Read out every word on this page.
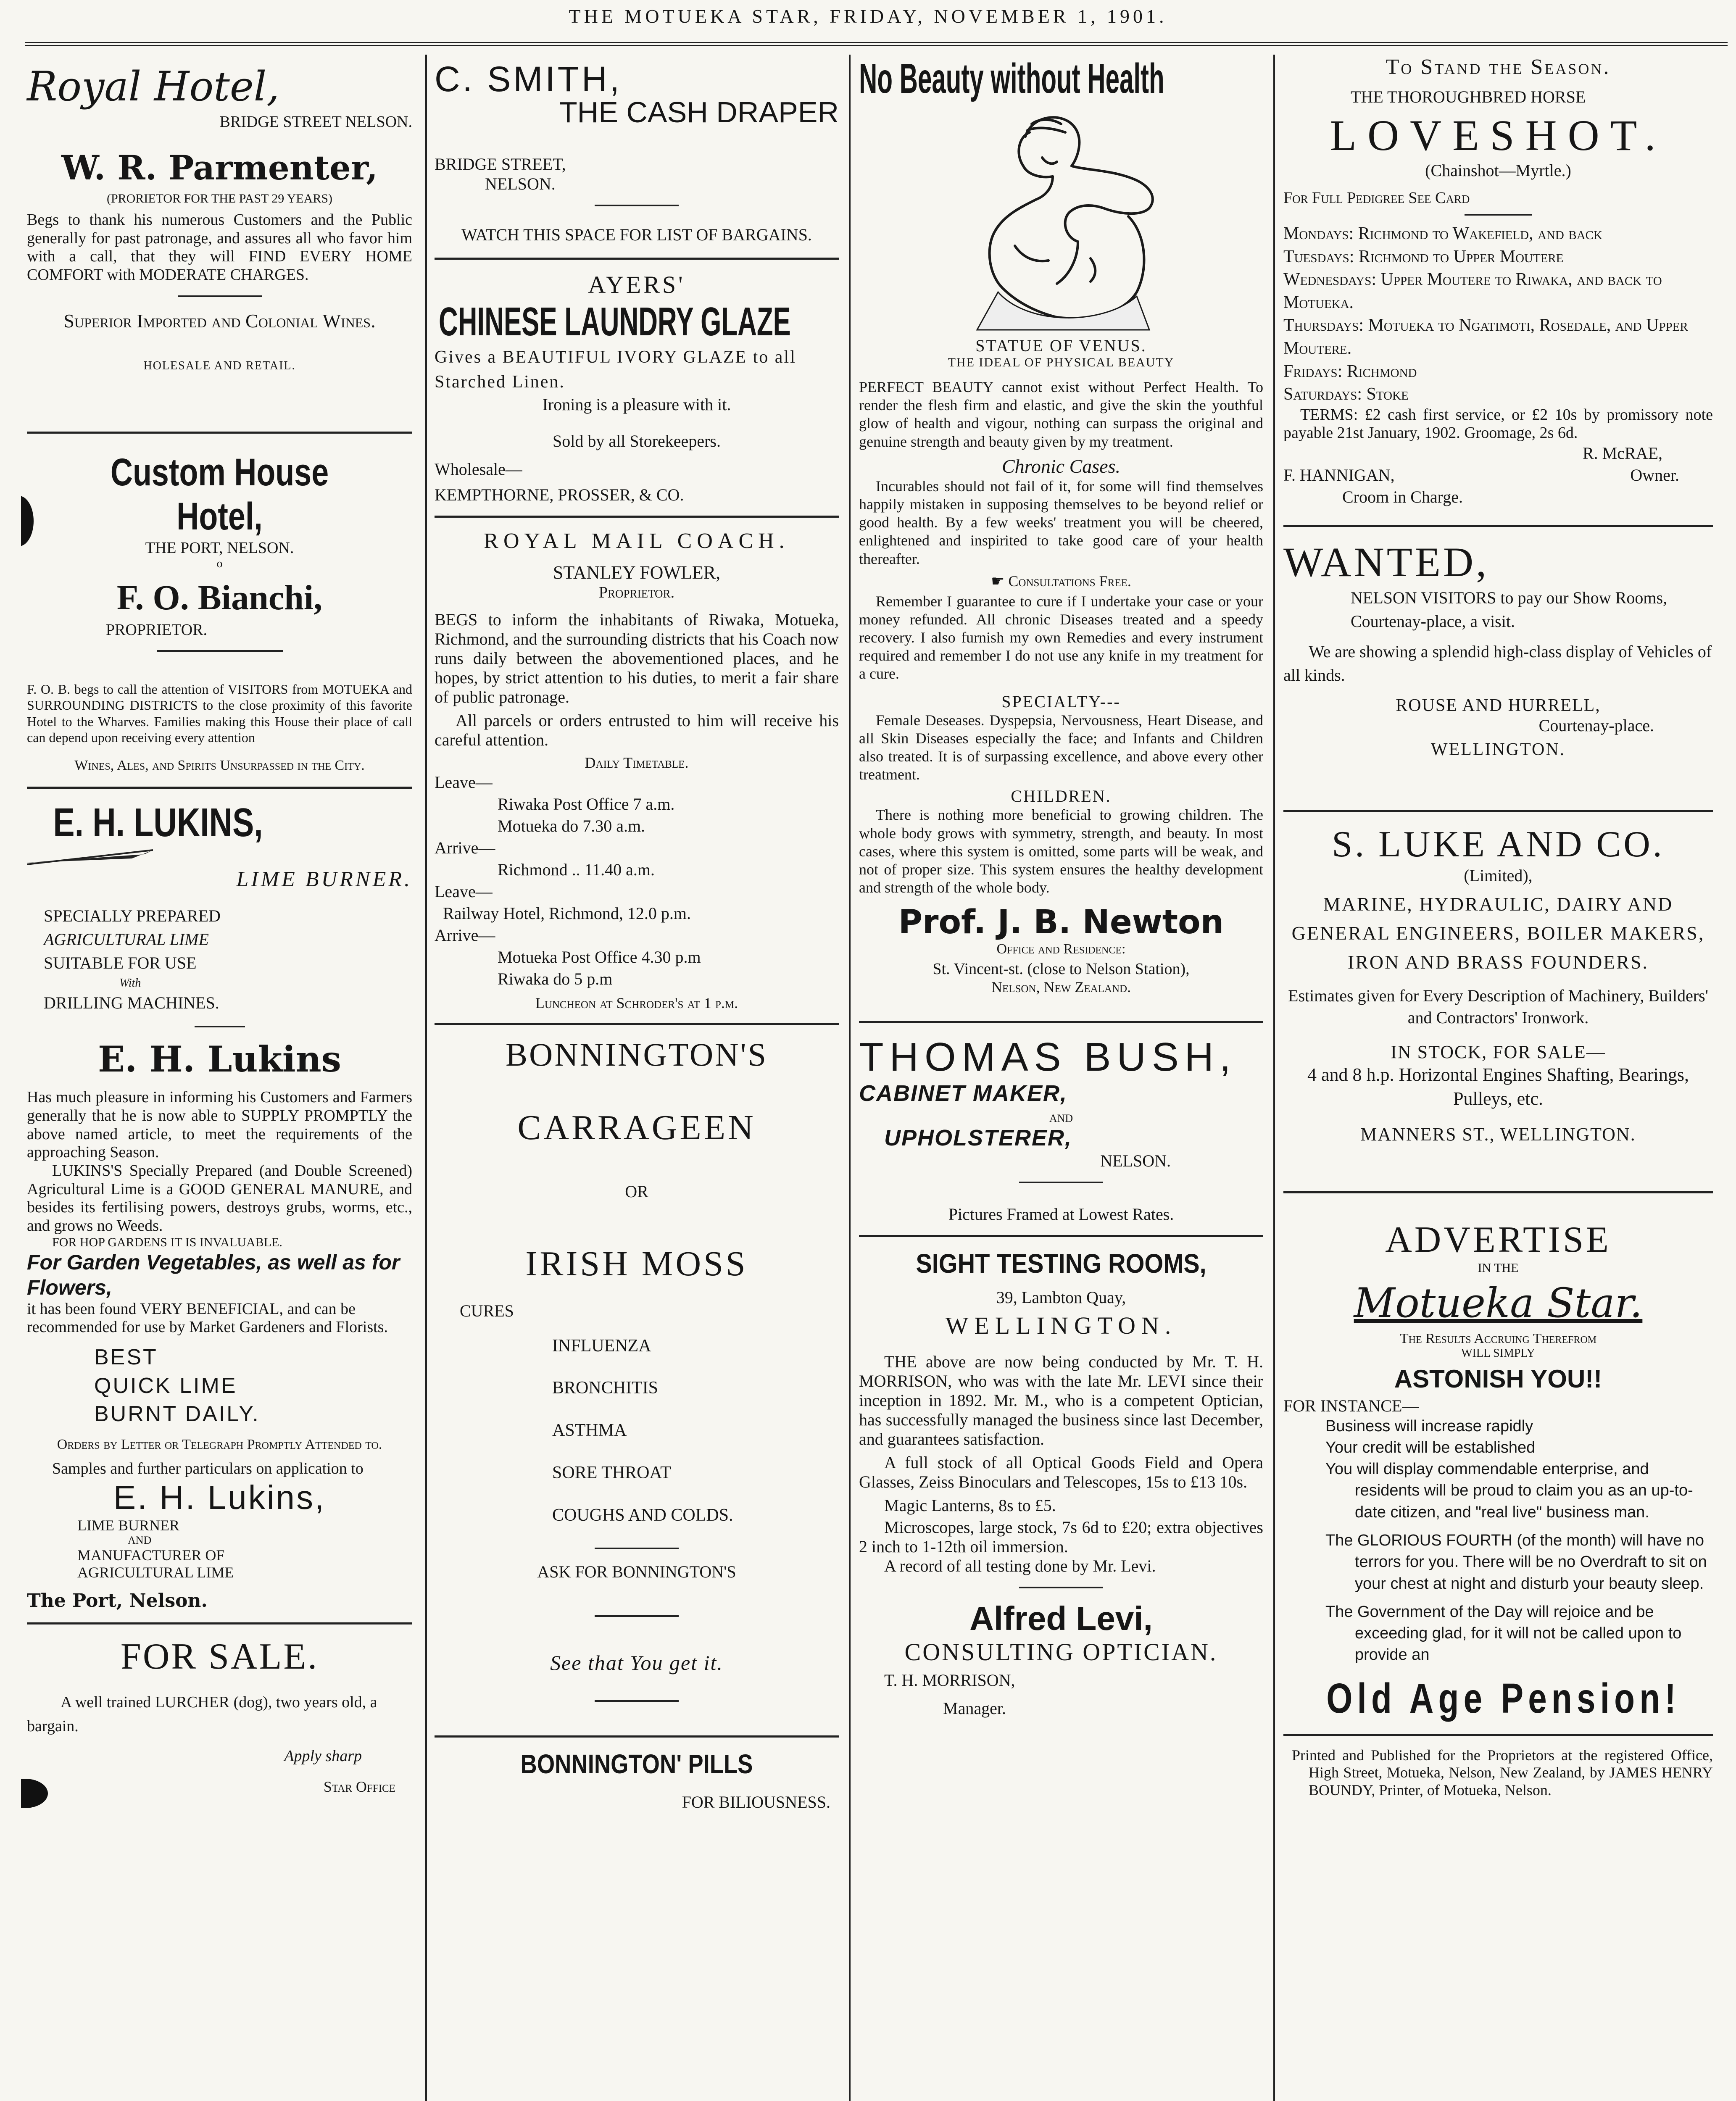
THE MOTUEKA STAR, FRIDAY, NOVEMBER 1, 1901.

Royal Hotel,

BRIDGE STREET NELSON.

W. R. Parmenter,

(PRORIETOR FOR THE PAST 29 YEARS)

Begs to thank his numerous Customers and the Public generally for past patronage, and assures all who favor him with a call, that they will FIND EVERY HOME COMFORT with MODERATE CHARGES.

Superior Imported and Colonial Wines.

HOLESALE AND RETAIL.

Custom House Hotel,

THE PORT, NELSON.

o

F. O. Bianchi,

PROPRIETOR.

F. O. B. begs to call the attention of VISITORS from MOTUEKA and SURROUNDING DISTRICTS to the close proximity of this favorite Hotel to the Wharves. Families making this House their place of call can depend upon receiving every attention

Wines, Ales, and Spirits Unsurpassed in the City.

E. H. LUKINS,

LIME BURNER.

SPECIALLY PREPARED

AGRICULTURAL LIME

SUITABLE FOR USE

With

DRILLING MACHINES.

E. H. Lukins

Has much pleasure in informing his Customers and Farmers generally that he is now able to SUPPLY PROMPTLY the above named article, to meet the requirements of the approaching Season.

LUKINS'S Specially Prepared (and Double Screened) Agricultural Lime is a GOOD GENERAL MANURE, and besides its fertilising powers, destroys grubs, worms, etc., and grows no Weeds.

FOR HOP GARDENS IT IS INVALUABLE.

For Garden Vegetables, as well as for Flowers,

it has been found VERY BENEFICIAL, and can be recommended for use by Market Gardeners and Florists.

BEST

QUICK LIME

BURNT DAILY.

Orders by Letter or Telegraph Promptly Attended to.

Samples and further particulars on application to

E. H. Lukins,

LIME BURNER

AND

MANUFACTURER OF

AGRICULTURAL LIME

The Port, Nelson.

FOR SALE.

A well trained LURCHER (dog), two years old, a bargain.

Apply sharp

Star Office

C. SMITH,

THE CASH DRAPER

BRIDGE STREET,

NELSON.

WATCH THIS SPACE FOR LIST OF BARGAINS.

AYERS'

CHINESE LAUNDRY GLAZE

Gives a BEAUTIFUL IVORY GLAZE to all Starched Linen.

Ironing is a pleasure with it.

Sold by all Storekeepers.

Wholesale—

KEMPTHORNE, PROSSER, & CO.

ROYAL MAIL COACH.

STANLEY FOWLER,

Proprietor.

BEGS to inform the inhabitants of Riwaka, Motueka, Richmond, and the surrounding districts that his Coach now runs daily between the abovementioned places, and he hopes, by strict attention to his duties, to merit a fair share of public patronage.

All parcels or orders entrusted to him will receive his careful attention.

Daily Timetable.

Leave—

Riwaka Post Office 7 a.m.

Motueka do 7.30 a.m.

Arrive—

Richmond .. 11.40 a.m.

Leave—

Railway Hotel, Richmond, 12.0 p.m.

Arrive—

Motueka Post Office 4.30 p.m

Riwaka do 5 p.m

Luncheon at Schroder's at 1 p.m.

BONNINGTON'S

CARRAGEEN

OR

IRISH MOSS

CURES

INFLUENZA

BRONCHITIS

ASTHMA

SORE THROAT

COUGHS AND COLDS.

ASK FOR BONNINGTON'S

See that You get it.

BONNINGTON' PILLS

FOR BILIOUSNESS.

No Beauty without Health

STATUE OF VENUS.

THE IDEAL OF PHYSICAL BEAUTY

PERFECT BEAUTY cannot exist without Perfect Health. To render the flesh firm and elastic, and give the skin the youthful glow of health and vigour, nothing can surpass the original and genuine strength and beauty given by my treatment.

Chronic Cases.

Incurables should not fail of it, for some will find themselves happily mistaken in supposing themselves to be beyond relief or good health. By a few weeks' treatment you will be cheered, enlightened and inspirited to take good care of your health thereafter.

☛ Consultations Free.

Remember I guarantee to cure if I undertake your case or your money refunded. All chronic Diseases treated and a speedy recovery. I also furnish my own Remedies and every instrument required and remember I do not use any knife in my treatment for a cure.

SPECIALTY---

Female Deseases. Dyspepsia, Nervousness, Heart Disease, and all Skin Diseases especially the face; and Infants and Children also treated. It is of surpassing excellence, and above every other treatment.

CHILDREN.

There is nothing more beneficial to growing children. The whole body grows with symmetry, strength, and beauty. In most cases, where this system is omitted, some parts will be weak, and not of proper size. This system ensures the healthy development and strength of the whole body.

Prof. J. B. Newton

Office and Residence:

St. Vincent-st. (close to Nelson Station),

Nelson, New Zealand.

THOMAS BUSH,

CABINET MAKER,

AND

UPHOLSTERER,

NELSON.

Pictures Framed at Lowest Rates.

SIGHT TESTING ROOMS,

39, Lambton Quay,

WELLINGTON.

THE above are now being conducted by Mr. T. H. MORRISON, who was with the late Mr. LEVI since their inception in 1892. Mr. M., who is a competent Optician, has successfully managed the business since last December, and guarantees satisfaction.

A full stock of all Optical Goods Field and Opera Glasses, Zeiss Binoculars and Telescopes, 15s to £13 10s.

Magic Lanterns, 8s to £5.

Microscopes, large stock, 7s 6d to £20; extra objectives 2 inch to 1-12th oil immersion.

A record of all testing done by Mr. Levi.

Alfred Levi,

CONSULTING OPTICIAN.

T. H. MORRISON,

Manager.

To Stand the Season.

THE THOROUGHBRED HORSE

LOVESHOT.

(Chainshot—Myrtle.)

For Full Pedigree See Card

Mondays: Richmond to Wakefield, and back

Tuesdays: Richmond to Upper Moutere

Wednesdays: Upper Moutere to Riwaka, and back to Motueka.

Thursdays: Motueka to Ngatimoti, Rosedale, and Upper Moutere.

Fridays: Richmond

Saturdays: Stoke

TERMS: £2 cash first service, or £2 10s by promissory note payable 21st January, 1902. Groomage, 2s 6d.

R. McRAE,

F. HANNIGAN,	Owner.

Croom in Charge.

WANTED,

NELSON VISITORS to pay our Show Rooms, Courtenay-place, a visit.

We are showing a splendid high-class display of Vehicles of all kinds.

ROUSE AND HURRELL,

Courtenay-place.

WELLINGTON.

S. LUKE AND CO.

(Limited),

MARINE, HYDRAULIC, DAIRY AND GENERAL ENGINEERS, BOILER MAKERS, IRON AND BRASS FOUNDERS.

Estimates given for Every Description of Machinery, Builders' and Contractors' Ironwork.

IN STOCK, FOR SALE—

4 and 8 h.p. Horizontal Engines Shafting, Bearings, Pulleys, etc.

MANNERS ST., WELLINGTON.

ADVERTISE

IN THE

Motueka Star.

The Results Accruing Therefrom

WILL SIMPLY

ASTONISH YOU!!

FOR INSTANCE—

Business will increase rapidly

Your credit will be established

You will display commendable enterprise, and residents will be proud to claim you as an up-to-date citizen, and "real live" business man.

The GLORIOUS FOURTH (of the month) will have no terrors for you. There will be no Overdraft to sit on your chest at night and disturb your beauty sleep.

The Government of the Day will rejoice and be exceeding glad, for it will not be called upon to provide an

Old Age Pension!

Printed and Published for the Proprietors at the registered Office, High Street, Motueka, Nelson, New Zealand, by JAMES HENRY BOUNDY, Printer, of Motueka, Nelson.
